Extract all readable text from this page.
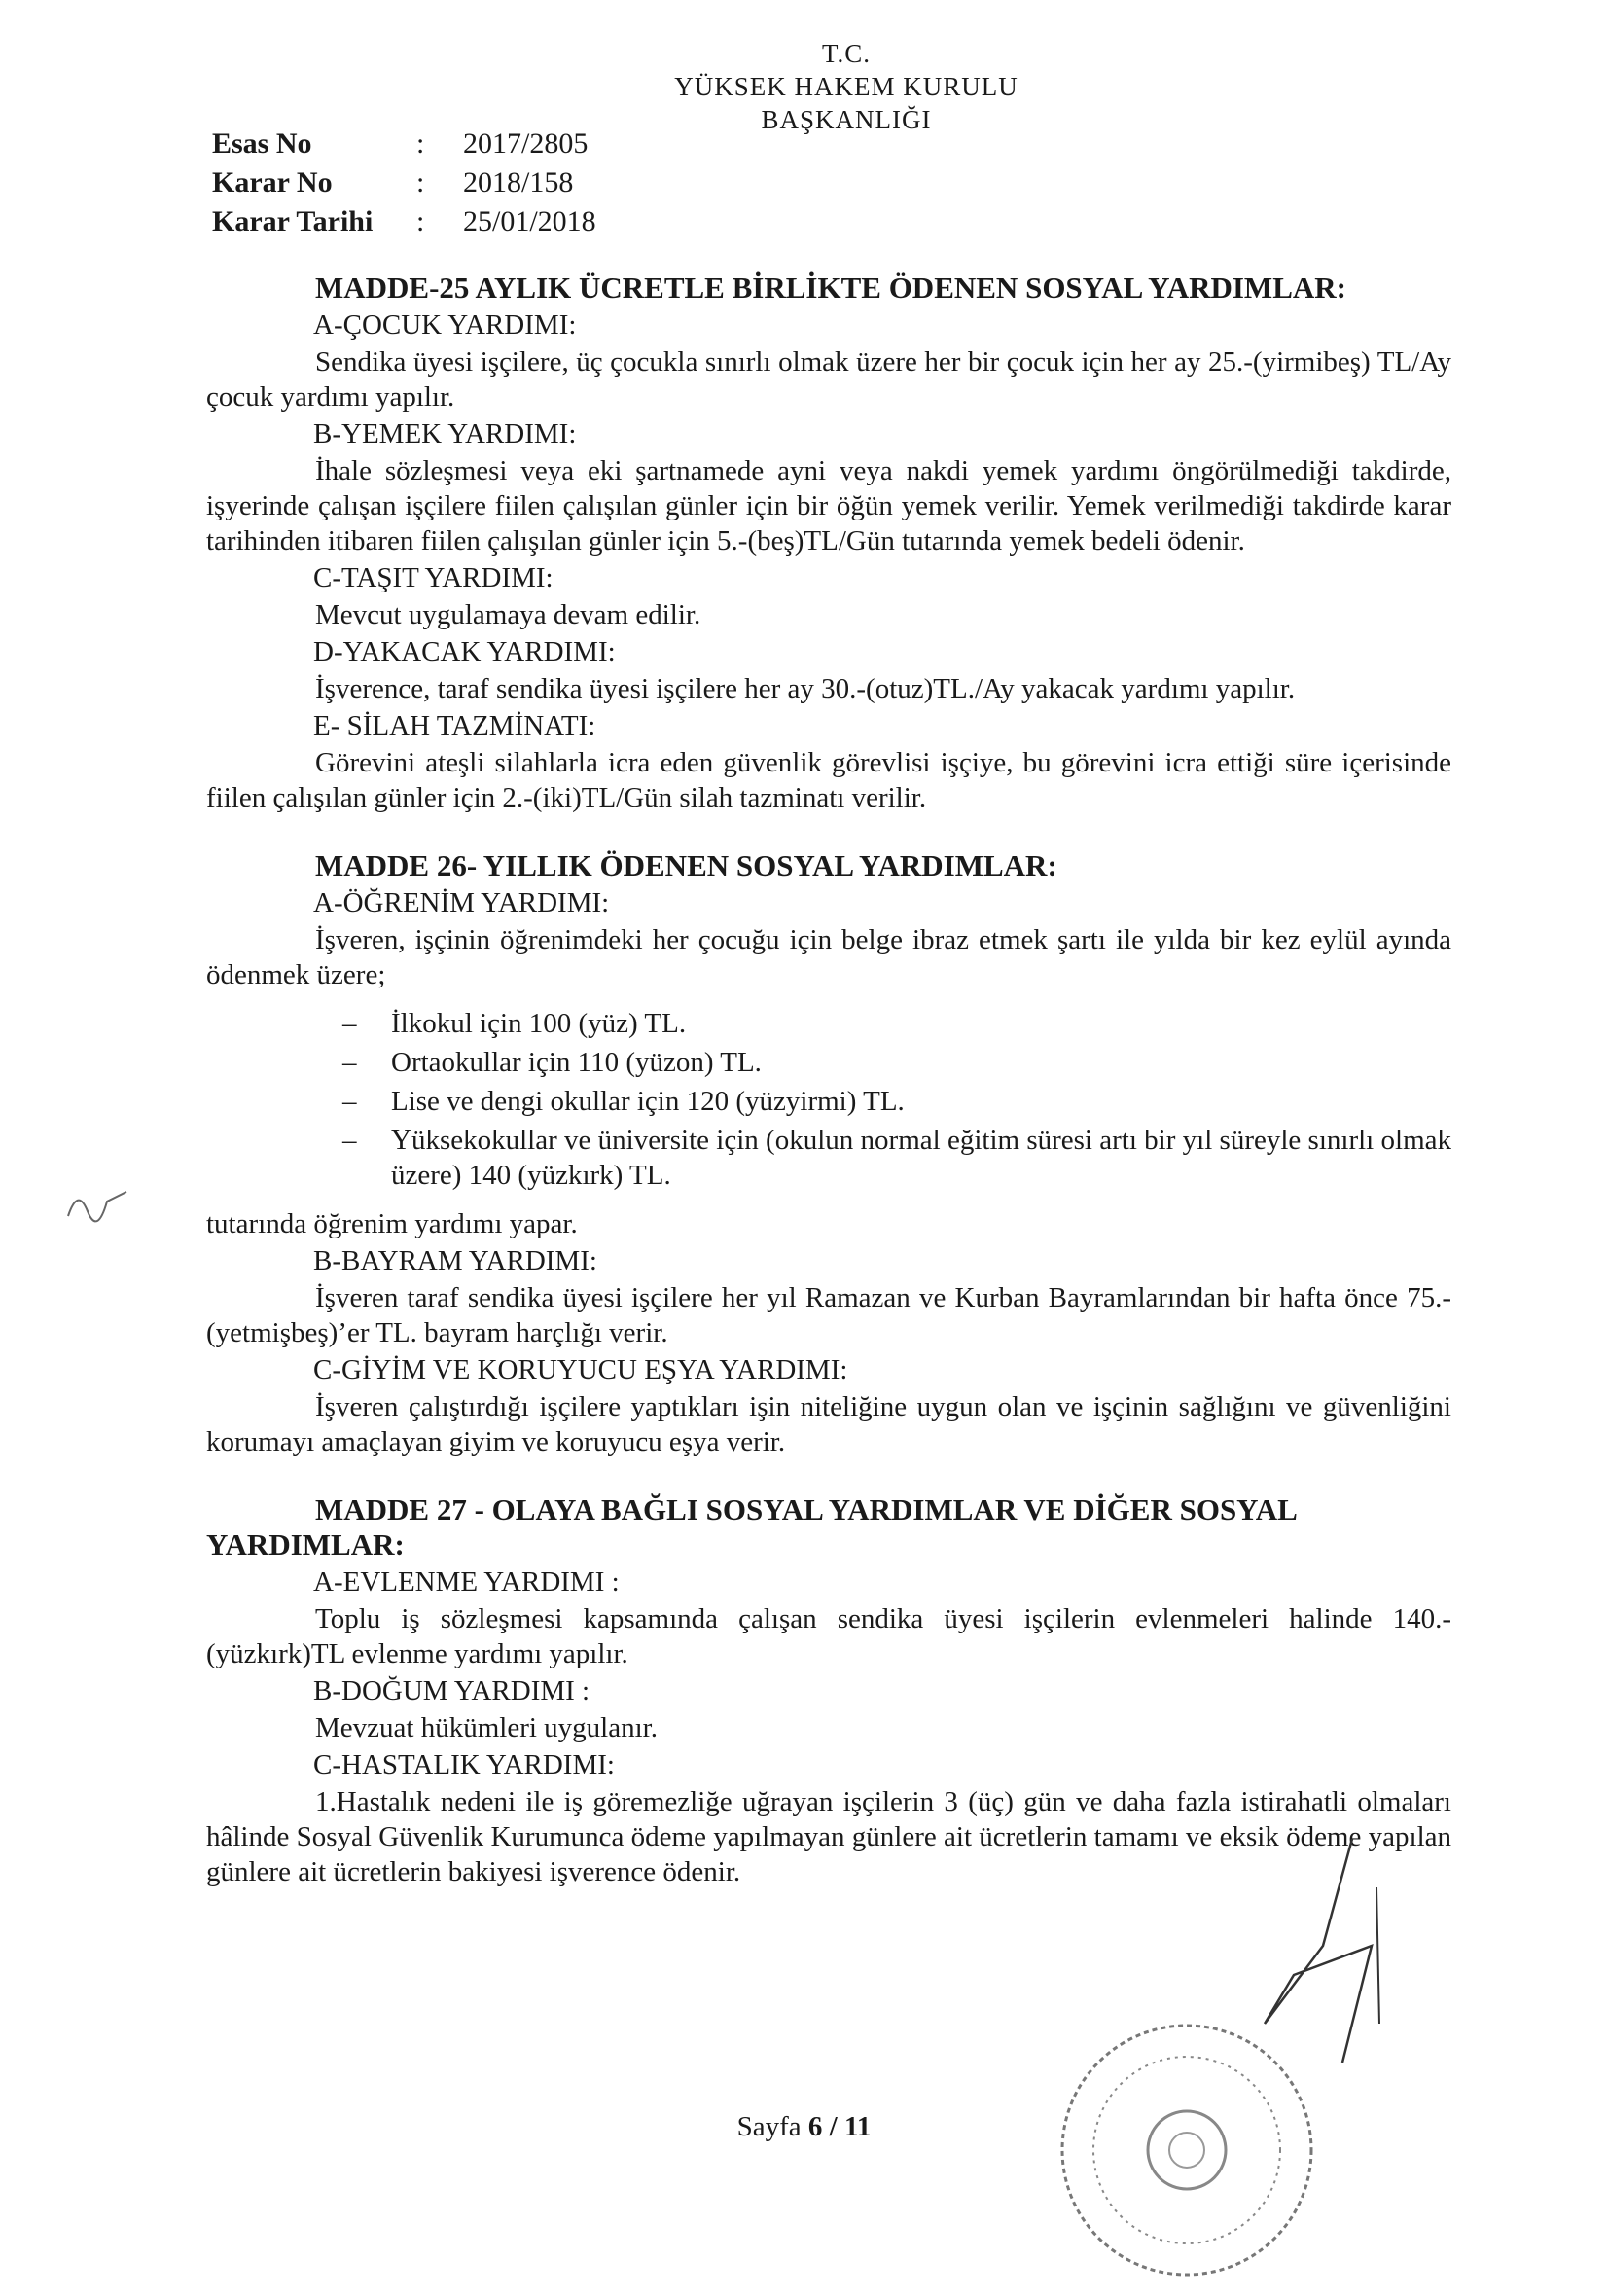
T.C.
YÜKSEK HAKEM KURULU
BAŞKANLIĞI
Esas No	:	2017/2805
Karar No	:	2018/158
Karar Tarihi	:	25/01/2018
MADDE-25 AYLIK ÜCRETLE BİRLİKTE ÖDENEN SOSYAL YARDIMLAR:
A-ÇOCUK YARDIMI:

Sendika üyesi işçilere, üç çocukla sınırlı olmak üzere her bir çocuk için her ay 25.-(yirmibeş) TL/Ay çocuk yardımı yapılır.

B-YEMEK YARDIMI:

İhale sözleşmesi veya eki şartnamede ayni veya nakdi yemek yardımı öngörülmediği takdirde, işyerinde çalışan işçilere fiilen çalışılan günler için bir öğün yemek verilir. Yemek verilmediği takdirde karar tarihinden itibaren fiilen çalışılan günler için 5.-(beş)TL/Gün tutarında yemek bedeli ödenir.

C-TAŞIT YARDIMI:

Mevcut uygulamaya devam edilir.

D-YAKACAK YARDIMI:

İşverence, taraf sendika üyesi işçilere her ay 30.-(otuz)TL./Ay yakacak yardımı yapılır.

E- SİLAH TAZMİNATI:

Görevini ateşli silahlarla icra eden güvenlik görevlisi işçiye, bu görevini icra ettiği süre içerisinde fiilen çalışılan günler için 2.-(iki)TL/Gün silah tazminatı verilir.

MADDE 26- YILLIK ÖDENEN SOSYAL YARDIMLAR:
A-ÖĞRENİM YARDIMI:

İşveren, işçinin öğrenimdeki her çocuğu için belge ibraz etmek şartı ile yılda bir kez eylül ayında ödenmek üzere;

– İlkokul için 100 (yüz) TL.
– Ortaokullar için 110 (yüzon) TL.
– Lise ve dengi okullar için 120 (yüzyirmi) TL.
– Yüksekokullar ve üniversite için (okulun normal eğitim süresi artı bir yıl süreyle sınırlı olmak üzere) 140 (yüzkırk) TL.

tutarında öğrenim yardımı yapar.

B-BAYRAM YARDIMI:

İşveren taraf sendika üyesi işçilere her yıl Ramazan ve Kurban Bayramlarından bir hafta önce 75.-(yetmişbeş)’er TL. bayram harçlığı verir.

C-GİYİM VE KORUYUCU EŞYA YARDIMI:

İşveren çalıştırdığı işçilere yaptıkları işin niteliğine uygun olan ve işçinin sağlığını ve güvenliğini korumayı amaçlayan giyim ve koruyucu eşya verir.

MADDE 27 - OLAYA BAĞLI SOSYAL YARDIMLAR VE DİĞER SOSYAL YARDIMLAR:
A-EVLENME YARDIMI :

Toplu iş sözleşmesi kapsamında çalışan sendika üyesi işçilerin evlenmeleri halinde 140.-(yüzkırk)TL evlenme yardımı yapılır.

B-DOĞUM YARDIMI :

Mevzuat hükümleri uygulanır.

C-HASTALIK YARDIMI:

1.Hastalık nedeni ile iş göremezliğe uğrayan işçilerin 3 (üç) gün ve daha fazla istirahatli olmaları hâlinde Sosyal Güvenlik Kurumunca ödeme yapılmayan günlere ait ücretlerin tamamı ve eksik ödeme yapılan günlere ait ücretlerin bakiyesi işverence ödenir.

Sayfa 6 / 11
